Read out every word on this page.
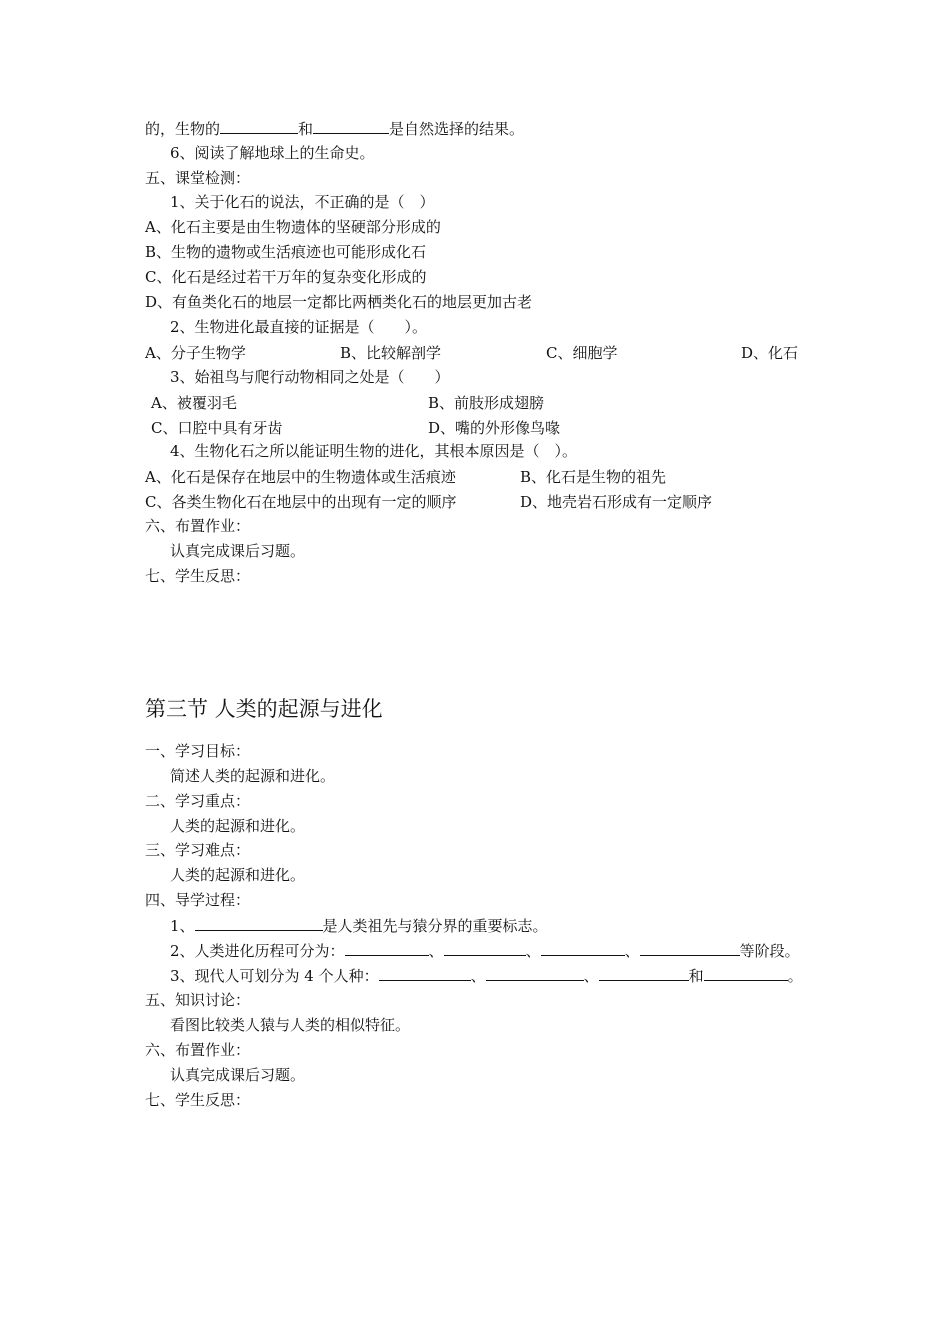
的，生物的	和	是自然选择的结果。
6、阅读了解地球上的生命史。
五、课堂检测：
1、关于化石的说法，不正确的是（　）
A、化石主要是由生物遗体的坚硬部分形成的
B、生物的遗物或生活痕迹也可能形成化石
C、化石是经过若干万年的复杂变化形成的
D、有鱼类化石的地层一定都比两栖类化石的地层更加古老
2、生物进化最直接的证据是（　　）。
A、分子生物学	B、比较解剖学	C、细胞学	D、化石
3、始祖鸟与爬行动物相同之处是（　　）
A、被覆羽毛	B、前肢形成翅膀
C、口腔中具有牙齿	D、嘴的外形像鸟喙
4、生物化石之所以能证明生物的进化，其根本原因是（　）。
A、化石是保存在地层中的生物遗体或生活痕迹	B、化石是生物的祖先
C、各类生物化石在地层中的出现有一定的顺序	D、地壳岩石形成有一定顺序
六、布置作业：
认真完成课后习题。
七、学生反思：
第三节 人类的起源与进化
一、学习目标：
简述人类的起源和进化。
二、学习重点：
人类的起源和进化。
三、学习难点：
人类的起源和进化。
四、导学过程：
1、	是人类祖先与猿分界的重要标志。
2、人类进化历程可分为：	、	、	、	等阶段。
3、现代人可划分为 4 个人种：	、	、	和	。
五、知识讨论：
看图比较类人猿与人类的相似特征。
六、布置作业：
认真完成课后习题。
七、学生反思：
